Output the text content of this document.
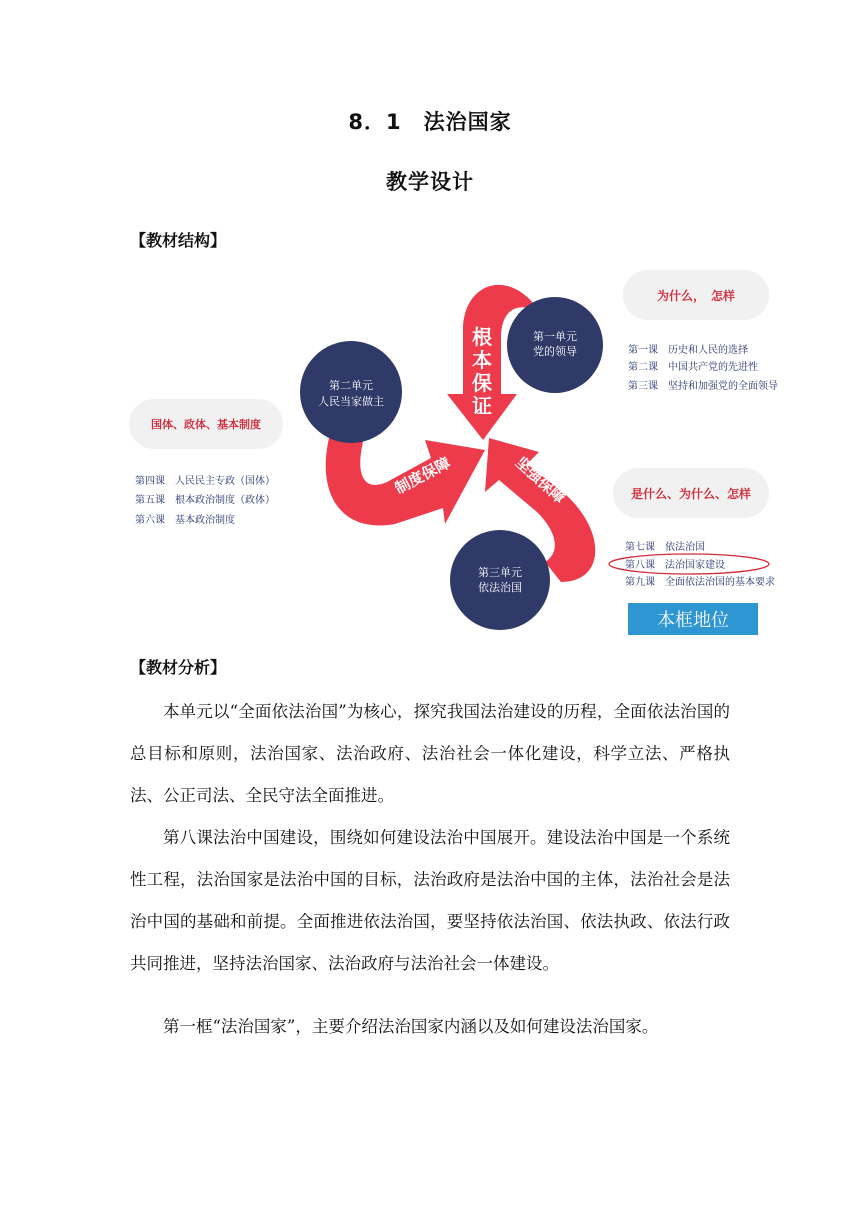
8．1　法治国家
教学设计
【教材结构】
根
本
保
证
制度保障	坚强保障
第一单元
党的领导
第二单元
人民当家做主
第三单元
依法治国
为什么，　怎样
第一课　历史和人民的选择
第二课　中国共产党的先进性
第三课　坚持和加强党的全面领导
国体、政体、基本制度
第四课　人民民主专政（国体）
第五课　根本政治制度（政体）
第六课　基本政治制度
是什么、为什么、怎样
第七课　依法治国
第八课　法治国家建设
第九课　全面依法治国的基本要求
本框地位
【教材分析】

本单元以“全面依法治国”为核心，探究我国法治建设的历程，全面依法治国的总目标和原则，法治国家、法治政府、法治社会一体化建设，科学立法、严格执法、公正司法、全民守法全面推进。

第八课法治中国建设，围绕如何建设法治中国展开。建设法治中国是一个系统性工程，法治国家是法治中国的目标，法治政府是法治中国的主体，法治社会是法治中国的基础和前提。全面推进依法治国，要坚持依法治国、依法执政、依法行政共同推进，坚持法治国家、法治政府与法治社会一体建设。

第一框“法治国家”，主要介绍法治国家内涵以及如何建设法治国家。
